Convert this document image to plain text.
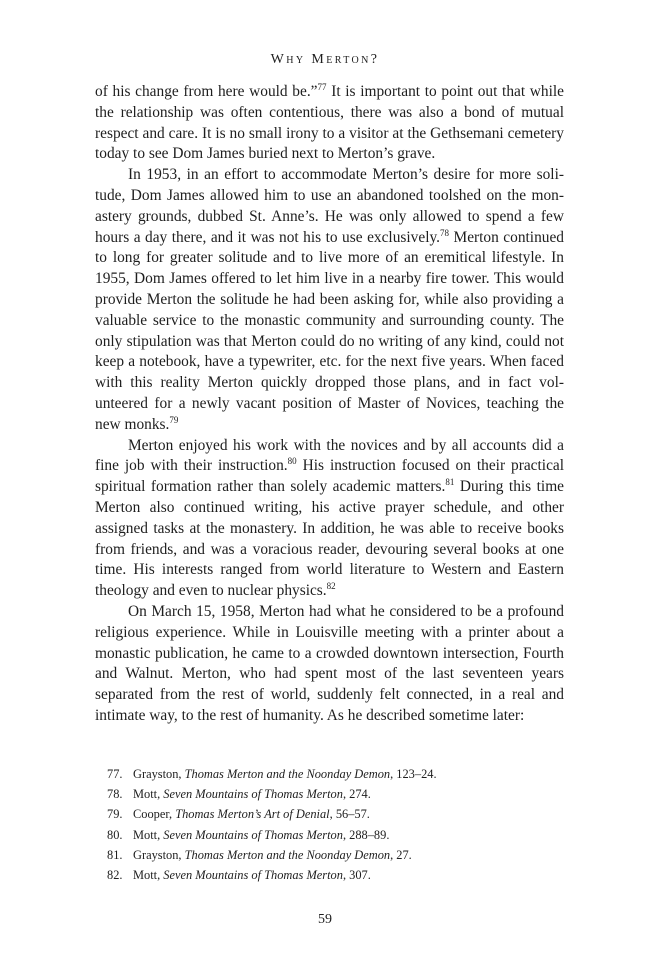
Why Merton?

of his change from here would be.”$^{77}$ It is important to point out that while the relationship was often contentious, there was also a bond of mutual respect and care. It is no small irony to a visitor at the Gethsemani cemetery today to see Dom James buried next to Merton’s grave.

In 1953, in an effort to accommodate Merton’s desire for more solitude, Dom James allowed him to use an abandoned toolshed on the monastery grounds, dubbed St. Anne’s. He was only allowed to spend a few hours a day there, and it was not his to use exclusively.$^{78}$ Merton continued to long for greater solitude and to live more of an eremitical lifestyle. In 1955, Dom James offered to let him live in a nearby fire tower. This would provide Merton the solitude he had been asking for, while also providing a valuable service to the monastic community and surrounding county. The only stipulation was that Merton could do no writing of any kind, could not keep a notebook, have a typewriter, etc. for the next five years. When faced with this reality Merton quickly dropped those plans, and in fact volunteered for a newly vacant position of Master of Novices, teaching the new monks.$^{79}$

Merton enjoyed his work with the novices and by all accounts did a fine job with their instruction.$^{80}$ His instruction focused on their practical spiritual formation rather than solely academic matters.$^{81}$ During this time Merton also continued writing, his active prayer schedule, and other assigned tasks at the monastery. In addition, he was able to receive books from friends, and was a voracious reader, devouring several books at one time. His interests ranged from world literature to Western and Eastern theology and even to nuclear physics.$^{82}$

On March 15, 1958, Merton had what he considered to be a profound religious experience. While in Louisville meeting with a printer about a monastic publication, he came to a crowded downtown intersection, Fourth and Walnut. Merton, who had spent most of the last seventeen years separated from the rest of world, suddenly felt connected, in a real and intimate way, to the rest of humanity. As he described sometime later:

77. Grayston, Thomas Merton and the Noonday Demon, 123–24.
78. Mott, Seven Mountains of Thomas Merton, 274.
79. Cooper, Thomas Merton’s Art of Denial, 56–57.
80. Mott, Seven Mountains of Thomas Merton, 288–89.
81. Grayston, Thomas Merton and the Noonday Demon, 27.
82. Mott, Seven Mountains of Thomas Merton, 307.
59
